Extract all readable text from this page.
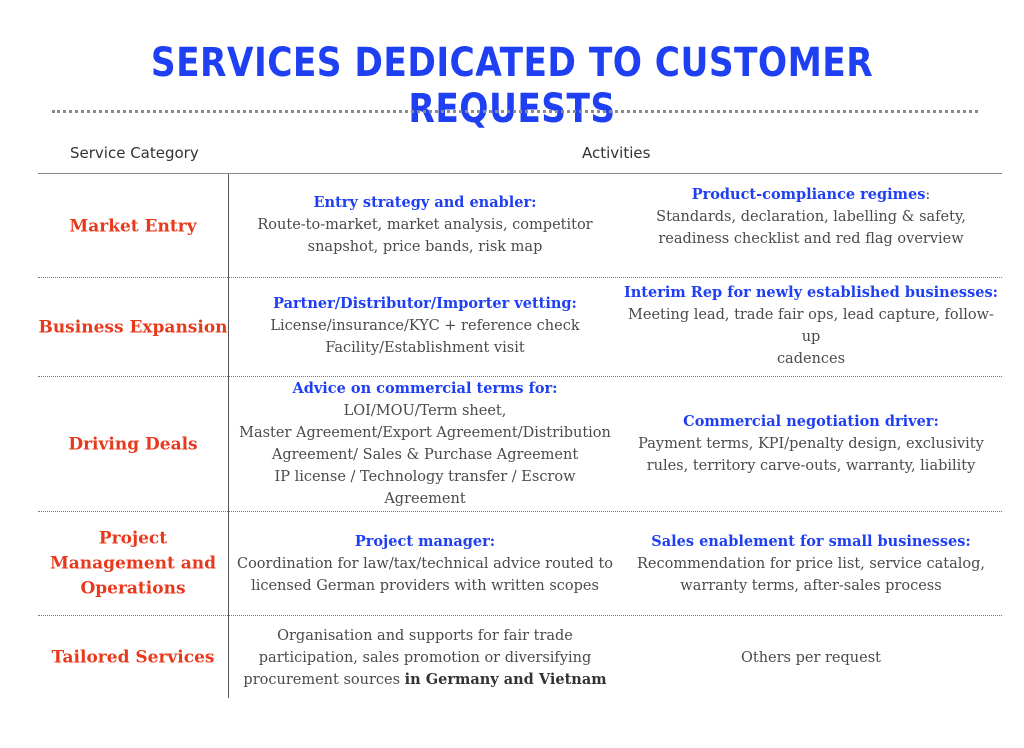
SERVICES DEDICATED TO CUSTOMER REQUESTS
Service Category	Activities
Market Entry
Entry strategy and enabler:
Route-to-market, market analysis, competitor
snapshot, price bands, risk map
Product-compliance regimes:
Standards, declaration, labelling & safety,
readiness checklist and red flag overview
Business Expansion
Partner/Distributor/Importer vetting:
License/insurance/KYC + reference check
Facility/Establishment visit
Interim Rep for newly established businesses:
Meeting lead, trade fair ops, lead capture, follow-up
cadences
Driving Deals
Advice on commercial terms for:
LOI/MOU/Term sheet,
Master Agreement/Export Agreement/Distribution
Agreement/ Sales & Purchase Agreement
IP license / Technology transfer / Escrow Agreement
Commercial negotiation driver:
Payment terms, KPI/penalty design, exclusivity
rules, territory carve-outs, warranty, liability
Project Management and Operations
Project manager:
Coordination for law/tax/technical advice routed to
licensed German providers with written scopes
Sales enablement for small businesses:
Recommendation for price list, service catalog,
warranty terms, after-sales process
Tailored Services
Organisation and supports for fair trade
participation, sales promotion or diversifying
procurement sources in Germany and Vietnam
Others per request
